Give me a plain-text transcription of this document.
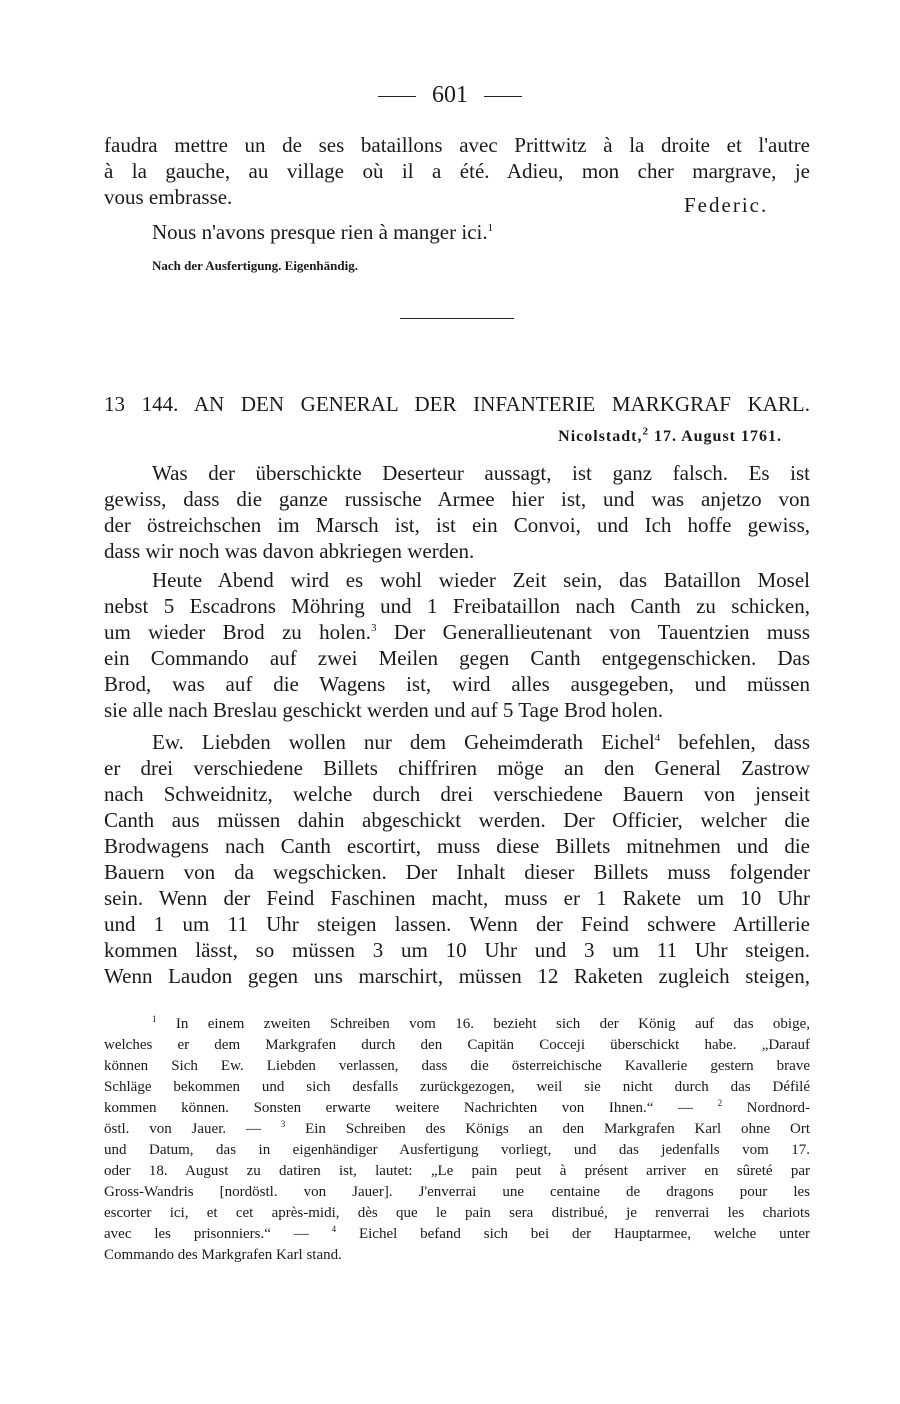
601
faudra mettre un de ses bataillons avec Prittwitz à la droite et l'autre
à la gauche, au village où il a été. Adieu, mon cher margrave, je
vous embrasse.	Federic.
Nous n'avons presque rien à manger ici.$^1$
Nach der Ausfertigung. Eigenhändig.
13 144. AN DEN GENERAL DER INFANTERIE MARKGRAF KARL.
Nicolstadt,$^2$ 17. August 1761.
Was der überschickte Deserteur aussagt, ist ganz falsch. Es ist
gewiss, dass die ganze russische Armee hier ist, und was anjetzo von
der östreichschen im Marsch ist, ist ein Convoi, und Ich hoffe gewiss,
dass wir noch was davon abkriegen werden.
Heute Abend wird es wohl wieder Zeit sein, das Bataillon Mosel
nebst 5 Escadrons Möhring und 1 Freibataillon nach Canth zu schicken,
um wieder Brod zu holen.$^3$ Der Generallieutenant von Tauentzien muss
ein Commando auf zwei Meilen gegen Canth entgegenschicken. Das
Brod, was auf die Wagens ist, wird alles ausgegeben, und müssen
sie alle nach Breslau geschickt werden und auf 5 Tage Brod holen.
Ew. Liebden wollen nur dem Geheimderath Eichel$^4$ befehlen, dass
er drei verschiedene Billets chiffriren möge an den General Zastrow
nach Schweidnitz, welche durch drei verschiedene Bauern von jenseit
Canth aus müssen dahin abgeschickt werden. Der Officier, welcher die
Brodwagens nach Canth escortirt, muss diese Billets mitnehmen und die
Bauern von da wegschicken. Der Inhalt dieser Billets muss folgender
sein. Wenn der Feind Faschinen macht, muss er 1 Rakete um 10 Uhr
und 1 um 11 Uhr steigen lassen. Wenn der Feind schwere Artillerie
kommen lässt, so müssen 3 um 10 Uhr und 3 um 11 Uhr steigen.
Wenn Laudon gegen uns marschirt, müssen 12 Raketen zugleich steigen,
$^1$ In einem zweiten Schreiben vom 16. bezieht sich der König auf das obige,
welches er dem Markgrafen durch den Capitän Cocceji überschickt habe. „Darauf
können Sich Ew. Liebden verlassen, dass die österreichische Kavallerie gestern brave
Schläge bekommen und sich desfalls zurückgezogen, weil sie nicht durch das Défilé
kommen können. Sonsten erwarte weitere Nachrichten von Ihnen.“ — $^2$ Nordnord-
östl. von Jauer. — $^3$ Ein Schreiben des Königs an den Markgrafen Karl ohne Ort
und Datum, das in eigenhändiger Ausfertigung vorliegt, und das jedenfalls vom 17.
oder 18. August zu datiren ist, lautet: „Le pain peut à présent arriver en sûreté par
Gross-Wandris [nordöstl. von Jauer]. J'enverrai une centaine de dragons pour les
escorter ici, et cet après-midi, dès que le pain sera distribué, je renverrai les chariots
avec les prisonniers.“ — $^4$ Eichel befand sich bei der Hauptarmee, welche unter
Commando des Markgrafen Karl stand.
